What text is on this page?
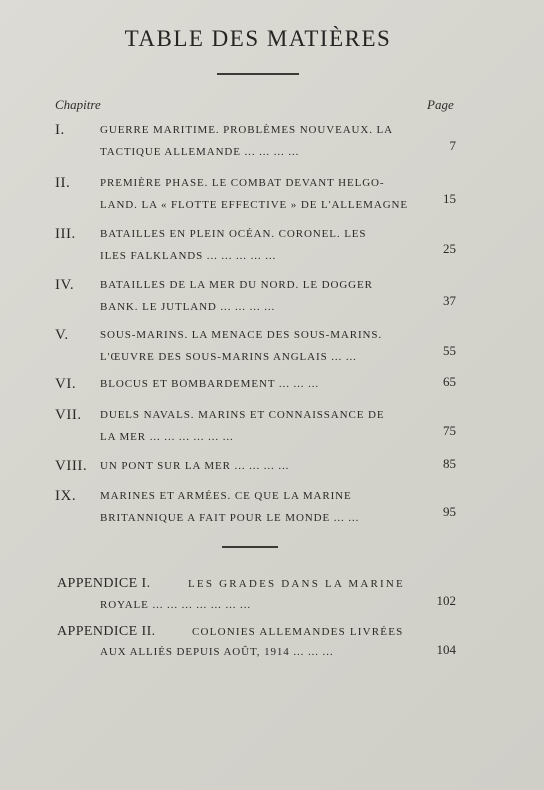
TABLE DES MATIÈRES
Chapitre	Page
I.	GUERRE MARITIME. PROBLÈMES NOUVEAUX. LA
TACTIQUE ALLEMANDE ... ... ... ...	7
II.	PREMIÈRE PHASE. LE COMBAT DEVANT HELGO-
LAND. LA « FLOTTE EFFECTIVE » DE L'ALLEMAGNE	15
III. BATAILLES EN PLEIN OCÉAN. CORONEL. LES
ILES FALKLANDS ... ... ... ... ...	25
IV. BATAILLES DE LA MER DU NORD. LE DOGGER
BANK. LE JUTLAND ... ... ... ...	37
V.	SOUS-MARINS. LA MENACE DES SOUS-MARINS.
L'ŒUVRE DES SOUS-MARINS ANGLAIS ... ...	55
VI. BLOCUS ET BOMBARDEMENT ... ... ...	65
VII. DUELS NAVALS. MARINS ET CONNAISSANCE DE
LA MER ... ... ... ... ... ...	75
VIII. UN PONT SUR LA MER ... ... ... ...	85
IX. MARINES ET ARMÉES. CE QUE LA MARINE
BRITANNIQUE A FAIT POUR LE MONDE ... ...	95
APPENDICE I.	LES GRADES DANS LA MARINE
ROYALE ... ... ... ... ... ... ...	102
APPENDICE II.	COLONIES ALLEMANDES LIVRÉES
AUX ALLIÉS DEPUIS AOÛT, 1914 ... ... ...	104
